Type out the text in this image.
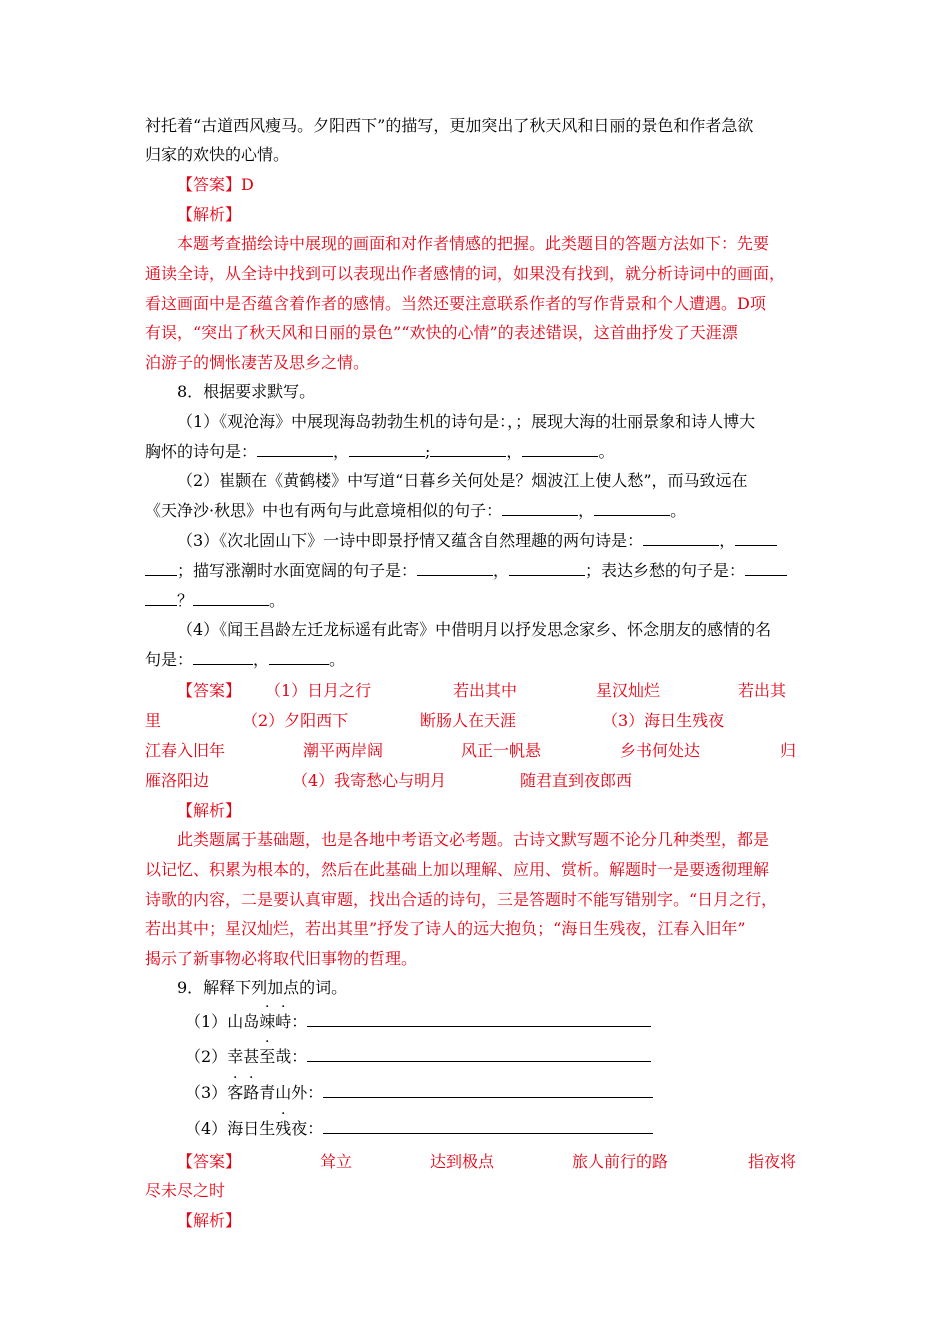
衬托着“古道西风瘦马。夕阳西下”的描写，更加突出了秋天风和日丽的景色和作者急欲
归家的欢快的心情。
【答案】D
【解析】
本题考查描绘诗中展现的画面和对作者情感的把握。此类题目的答题方法如下：先要
通读全诗，从全诗中找到可以表现出作者感情的词，如果没有找到，就分析诗词中的画面，
看这画面中是否蕴含着作者的感情。当然还要注意联系作者的写作背景和个人遭遇。D项
有误，“突出了秋天风和日丽的景色”“欢快的心情”的表述错误，这首曲抒发了天涯漂
泊游子的惆怅凄苦及思乡之情。
8．根据要求默写。
（1）《观沧海》中展现海岛勃勃生机的诗句是：，；展现大海的壮丽景象和诗人博大
胸怀的诗句是：	，	;	，	。
（2）崔颢在《黄鹤楼》中写道“日暮乡关何处是？烟波江上使人愁”，而马致远在
《天净沙·秋思》中也有两句与此意境相似的句子：	，	。
（3）《次北固山下》一诗中即景抒情又蕴含自然理趣的两句诗是：	，
；描写涨潮时水面宽阔的句子是：	，	；表达乡愁的句子是：
？	。
（4）《闻王昌龄左迁龙标遥有此寄》中借明月以抒发思念家乡、怀念朋友的感情的名
句是：	，	。
【答案】 （1）日月之行	若出其中	星汉灿烂	若出其
里	（2）夕阳西下	断肠人在天涯	（3）海日生残夜
江春入旧年	潮平两岸阔	风正一帆悬	乡书何处达	归
雁洛阳边	（4）我寄愁心与明月	随君直到夜郎西
【解析】
此类题属于基础题，也是各地中考语文必考题。古诗文默写题不论分几种类型，都是
以记忆、积累为根本的，然后在此基础上加以理解、应用、赏析。解题时一是要透彻理解
诗歌的内容，二是要认真审题，找出合适的诗句，三是答题时不能写错别字。“日月之行，
若出其中；星汉灿烂，若出其里”抒发了诗人的远大抱负；“海日生残夜，江春入旧年”
揭示了新事物必将取代旧事物的哲理。
9．解释下列加点的词。
（1）山岛竦峙：
（2）幸甚至哉：
（3）客路青山外：
（4）海日生残夜：
【答案】	耸立	达到极点	旅人前行的路	指夜将
尽未尽之时
【解析】
